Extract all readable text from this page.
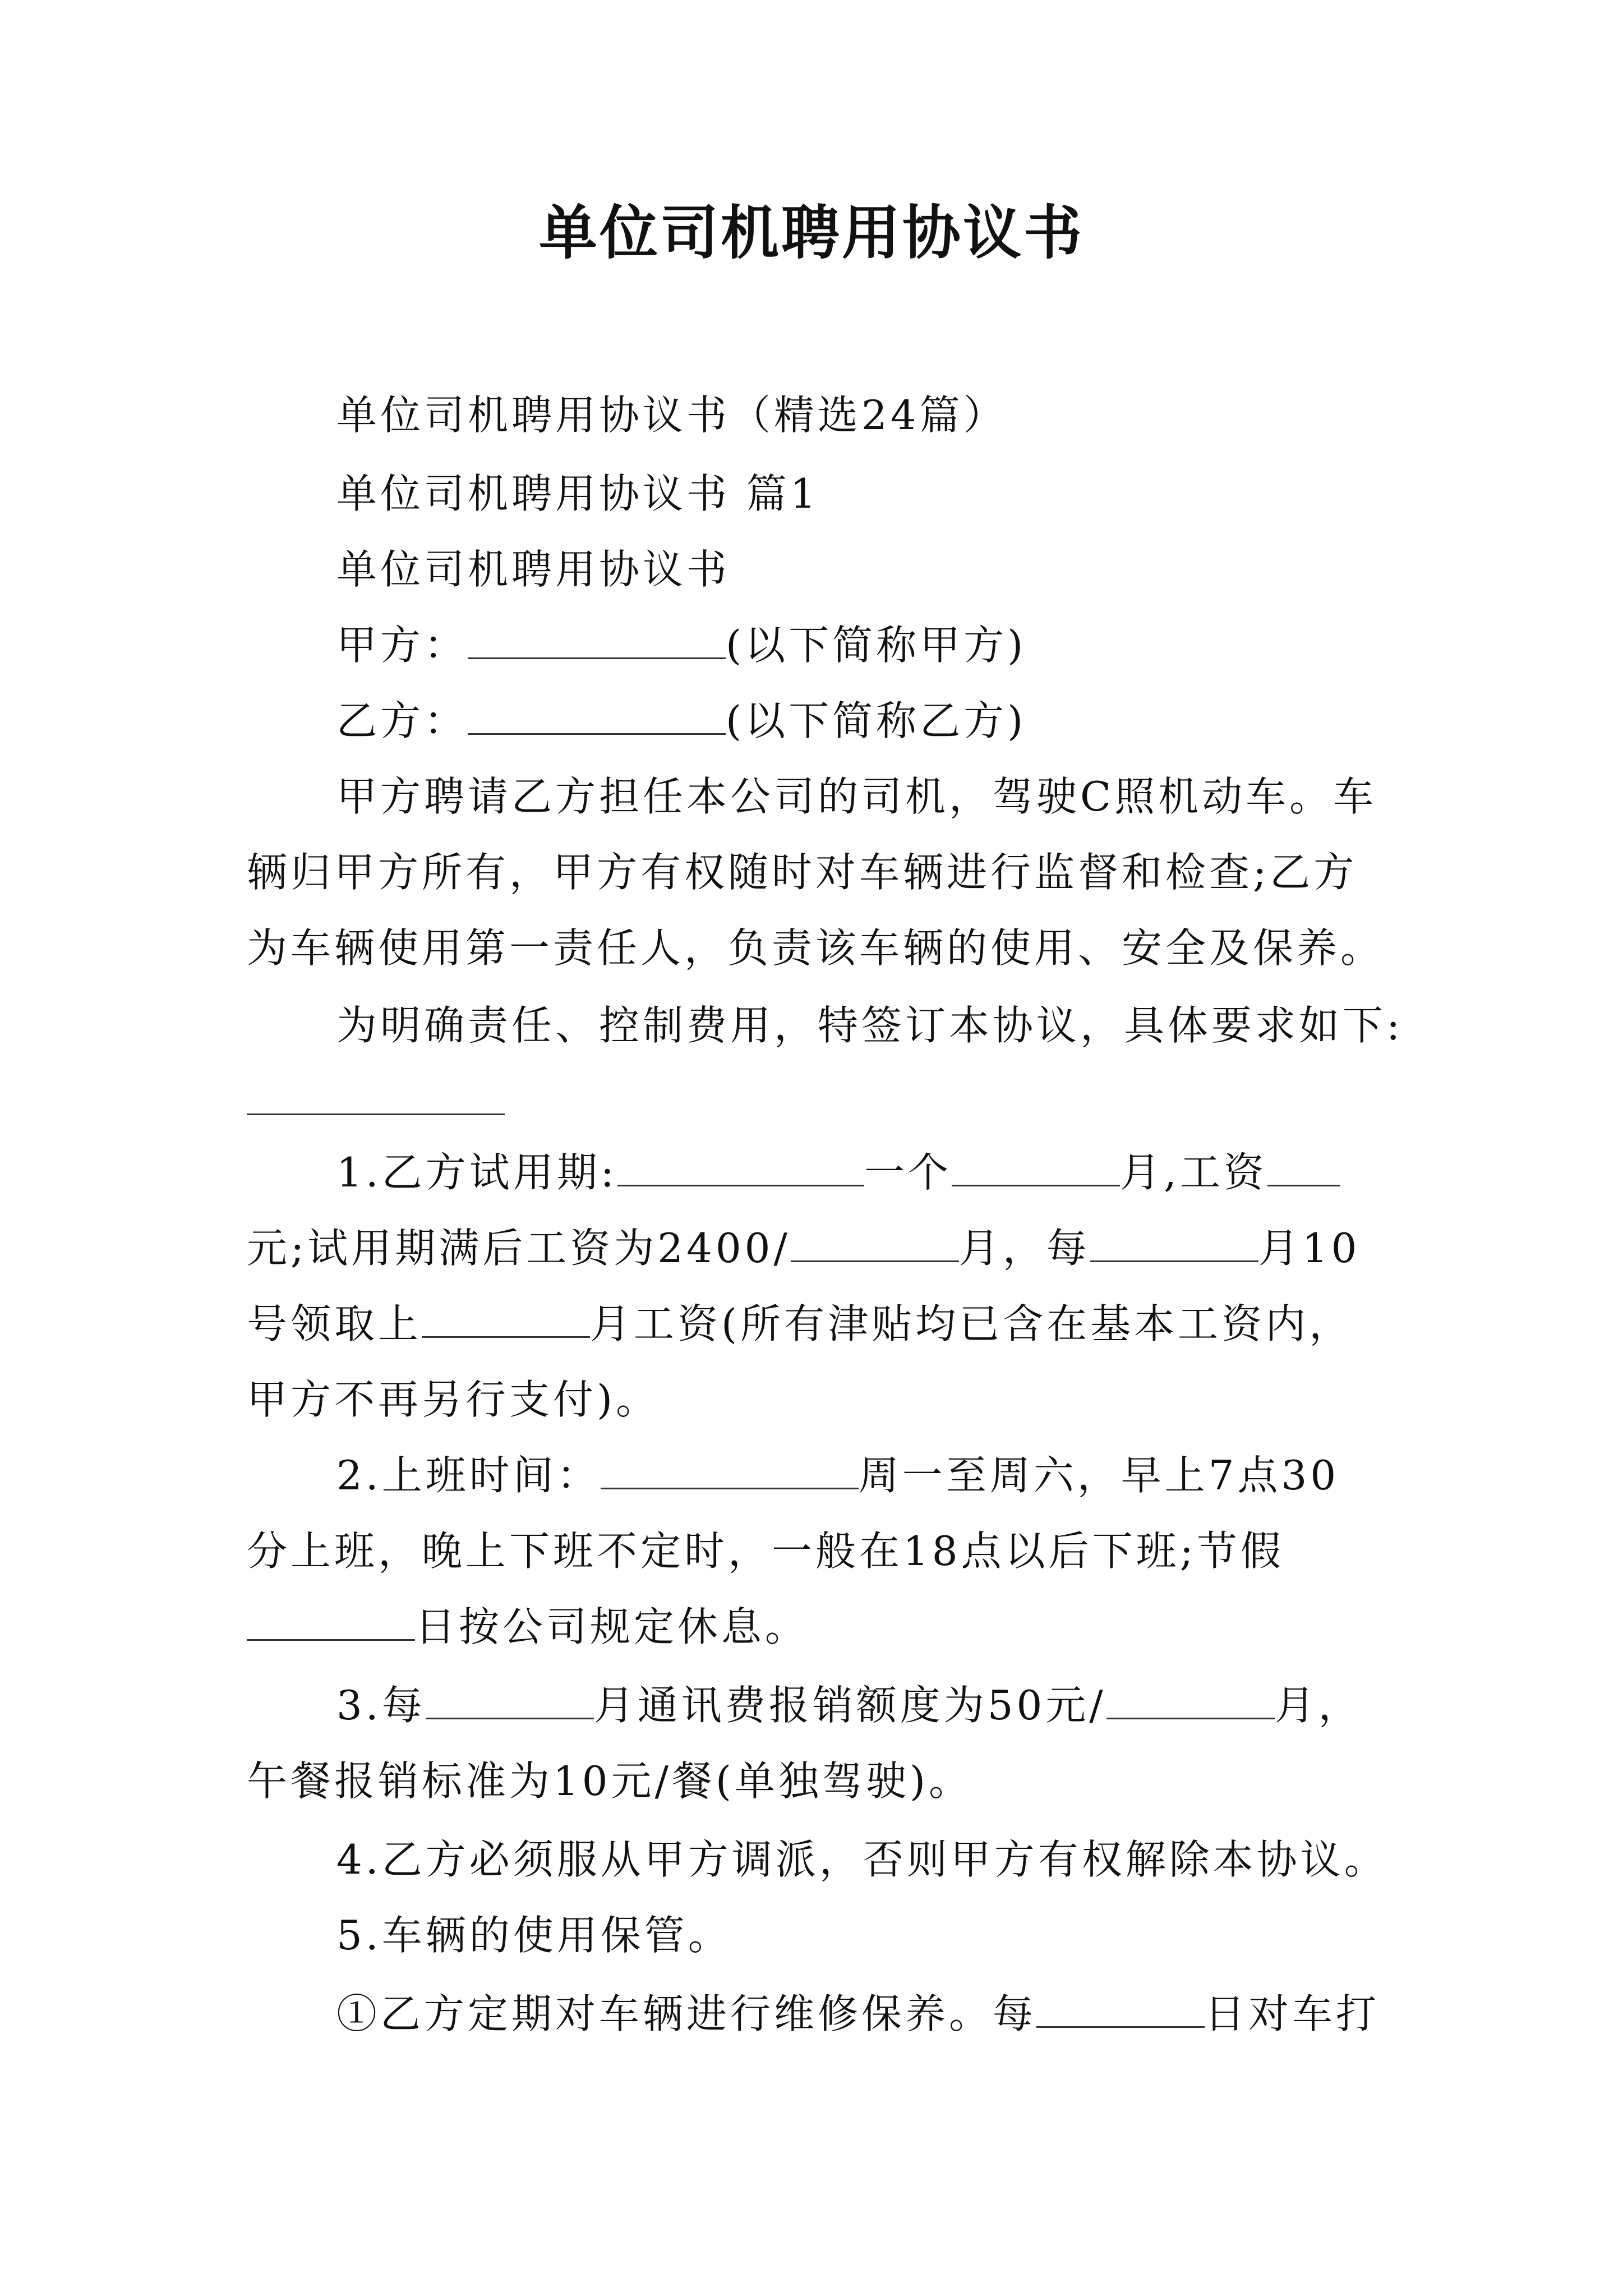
单位司机聘用协议书
单位司机聘用协议书（精选24篇）
单位司机聘用协议书 篇1
单位司机聘用协议书
甲方：	(以下简称甲方)
乙方：	(以下简称乙方)
甲方聘请乙方担任本公司的司机，驾驶C照机动车。车
辆归甲方所有，甲方有权随时对车辆进行监督和检查;乙方
为车辆使用第一责任人，负责该车辆的使用、安全及保养。
为明确责任、控制费用，特签订本协议，具体要求如下:
1.乙方试用期:	一个	月,工资
元;试用期满后工资为2400/	月，每	月10
号领取上	月工资(所有津贴均已含在基本工资内，
甲方不再另行支付)。
2.上班时间：	周一至周六，早上7点30
分上班，晚上下班不定时，一般在18点以后下班;节假
日按公司规定休息。
3.每	月通讯费报销额度为50元/	月，
午餐报销标准为10元/餐(单独驾驶)。
4.乙方必须服从甲方调派，否则甲方有权解除本协议。
5.车辆的使用保管。
①乙方定期对车辆进行维修保养。每	日对车打
